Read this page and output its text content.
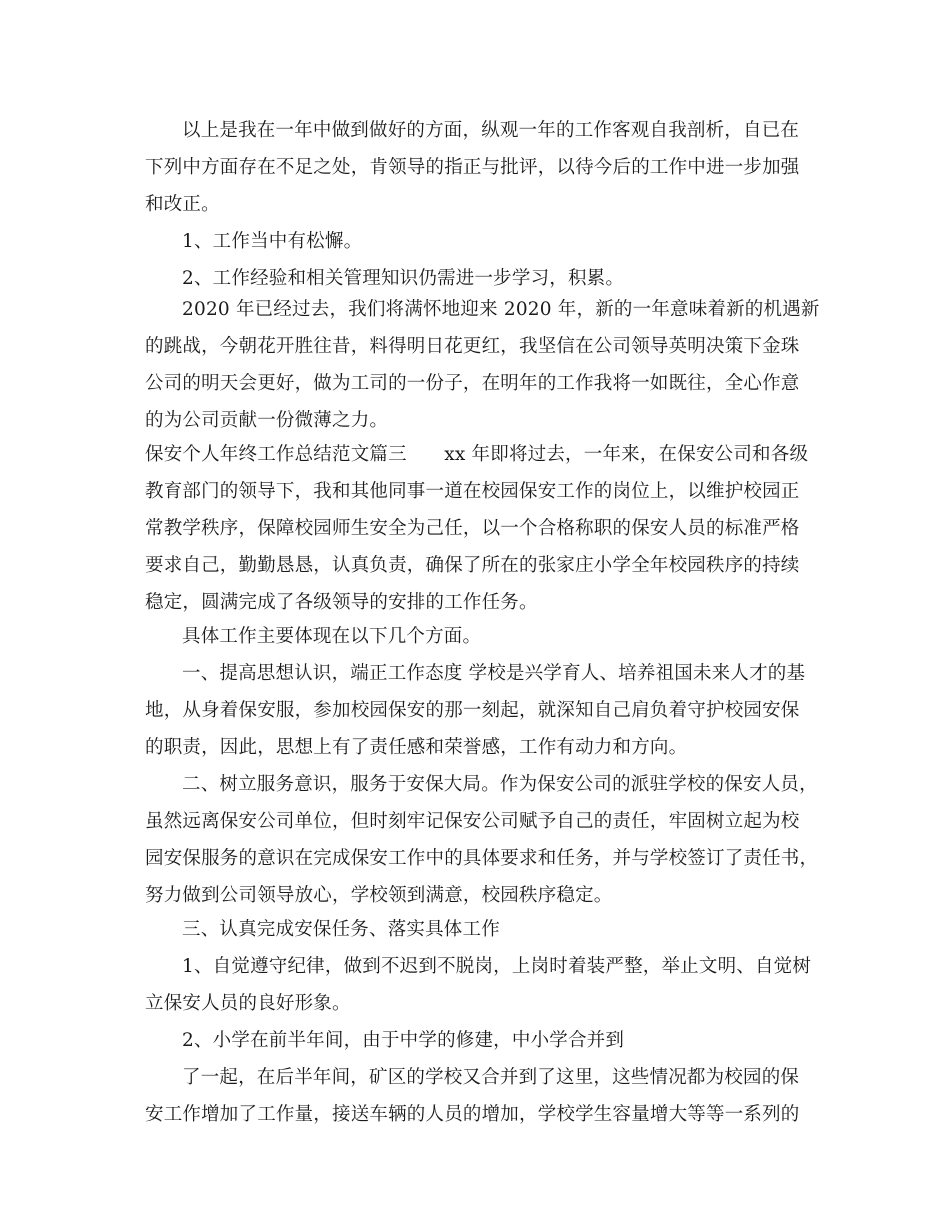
以上是我在一年中做到做好的方面，纵观一年的工作客观自我剖析，自已在
下列中方面存在不足之处，肯领导的指正与批评，以待今后的工作中进一步加强
和改正。
1、工作当中有松懈。
2、工作经验和相关管理知识仍需进一步学习，积累。
2020 年已经过去，我们将满怀地迎来 2020 年，新的一年意味着新的机遇新
的跳战，今朝花开胜往昔，料得明日花更红，我坚信在公司领导英明决策下金珠
公司的明天会更好，做为工司的一份子，在明年的工作我将一如既往，全心作意
的为公司贡献一份微薄之力。
保安个人年终工作总结范文篇三　　xx 年即将过去，一年来，在保安公司和各级
教育部门的领导下，我和其他同事一道在校园保安工作的岗位上，以维护校园正
常教学秩序，保障校园师生安全为己任，以一个合格称职的保安人员的标准严格
要求自己，勤勤恳恳，认真负责，确保了所在的张家庄小学全年校园秩序的持续
稳定，圆满完成了各级领导的安排的工作任务。
具体工作主要体现在以下几个方面。
一、提高思想认识，端正工作态度 学校是兴学育人、培养祖国未来人才的基
地，从身着保安服，参加校园保安的那一刻起，就深知自己肩负着守护校园安保
的职责，因此，思想上有了责任感和荣誉感，工作有动力和方向。
二、树立服务意识，服务于安保大局。作为保安公司的派驻学校的保安人员，
虽然远离保安公司单位，但时刻牢记保安公司赋予自己的责任，牢固树立起为校
园安保服务的意识在完成保安工作中的具体要求和任务，并与学校签订了责任书，
努力做到公司领导放心，学校领到满意，校园秩序稳定。
三、认真完成安保任务、落实具体工作
1、自觉遵守纪律，做到不迟到不脱岗，上岗时着装严整，举止文明、自觉树
立保安人员的良好形象。
2、小学在前半年间，由于中学的修建，中小学合并到
了一起，在后半年间，矿区的学校又合并到了这里，这些情况都为校园的保
安工作增加了工作量，接送车辆的人员的增加，学校学生容量增大等等一系列的
